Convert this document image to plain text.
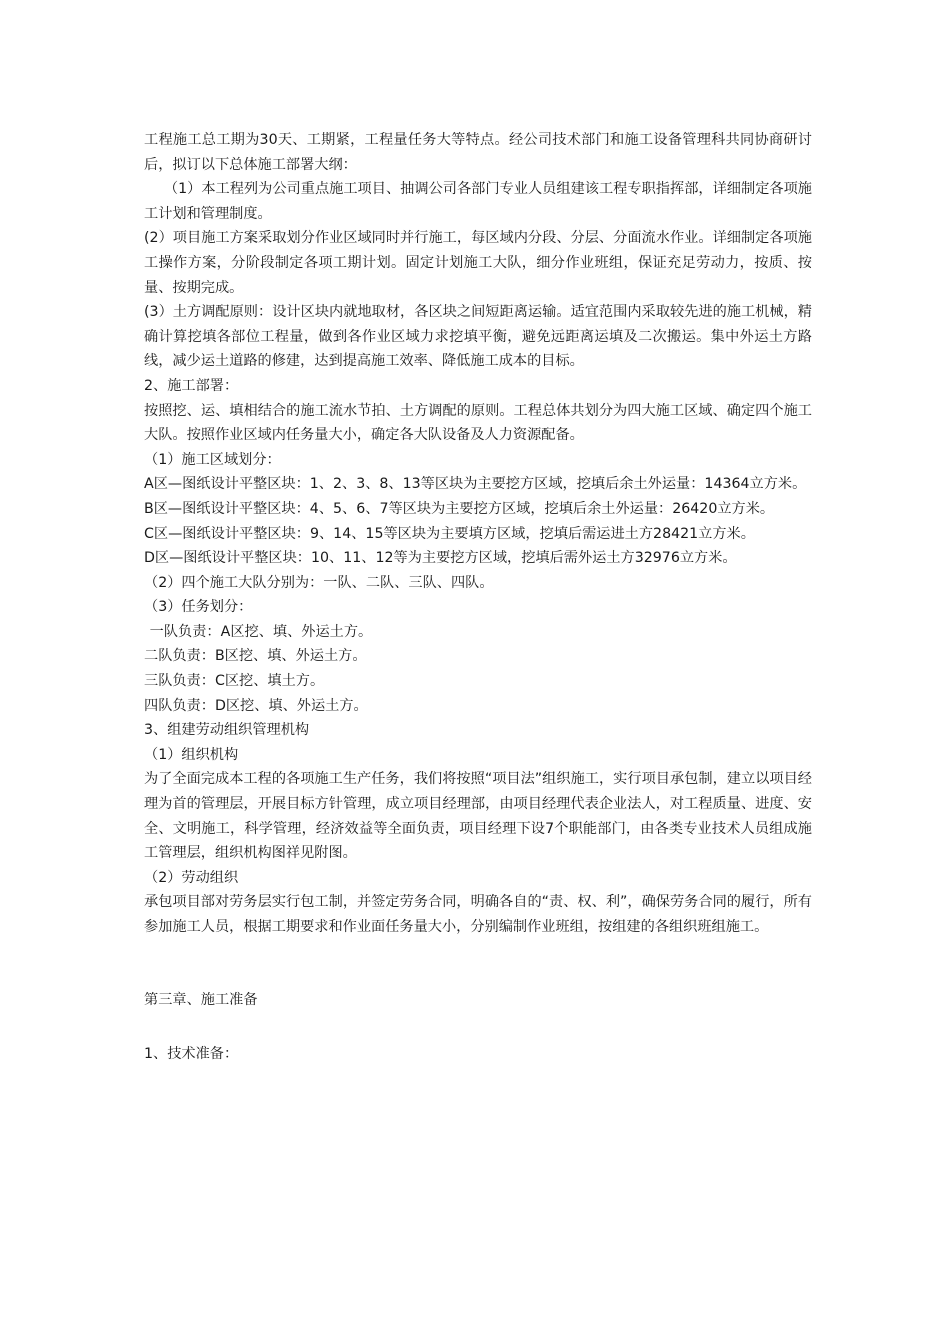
工程施工总工期为30天、工期紧，工程量任务大等特点。经公司技术部门和施工设备管理科共同协商研讨后，拟订以下总体施工部署大纲：

（1）本工程列为公司重点施工项目、抽调公司各部门专业人员组建该工程专职指挥部，详细制定各项施工计划和管理制度。

(2）项目施工方案采取划分作业区域同时并行施工，每区域内分段、分层、分面流水作业。详细制定各项施工操作方案，分阶段制定各项工期计划。固定计划施工大队，细分作业班组，保证充足劳动力，按质、按量、按期完成。

(3）土方调配原则：设计区块内就地取材，各区块之间短距离运输。适宜范围内采取较先进的施工机械，精确计算挖填各部位工程量，做到各作业区域力求挖填平衡，避免远距离运填及二次搬运。集中外运土方路线，减少运土道路的修建，达到提高施工效率、降低施工成本的目标。

2、施工部署：

按照挖、运、填相结合的施工流水节拍、土方调配的原则。工程总体共划分为四大施工区域、确定四个施工大队。按照作业区域内任务量大小，确定各大队设备及人力资源配备。

（1）施工区域划分：

A区—图纸设计平整区块：1、2、3、8、13等区块为主要挖方区域，挖填后余土外运量：14364立方米。

B区—图纸设计平整区块：4、5、6、7等区块为主要挖方区域，挖填后余土外运量：26420立方米。

C区—图纸设计平整区块：9、14、15等区块为主要填方区域，挖填后需运进土方28421立方米。

D区—图纸设计平整区块：10、11、12等为主要挖方区域，挖填后需外运土方32976立方米。

（2）四个施工大队分别为：一队、二队、三队、四队。

（3）任务划分：

一队负责：A区挖、填、外运土方。

二队负责：B区挖、填、外运土方。

三队负责：C区挖、填土方。

四队负责：D区挖、填、外运土方。

3、组建劳动组织管理机构

（1）组织机构

为了全面完成本工程的各项施工生产任务，我们将按照“项目法”组织施工，实行项目承包制，建立以项目经理为首的管理层，开展目标方针管理，成立项目经理部，由项目经理代表企业法人，对工程质量、进度、安全、文明施工，科学管理，经济效益等全面负责，项目经理下设7个职能部门，由各类专业技术人员组成施工管理层，组织机构图祥见附图。

（2）劳动组织

承包项目部对劳务层实行包工制，并签定劳务合同，明确各自的“责、权、利”，确保劳务合同的履行，所有参加施工人员，根据工期要求和作业面任务量大小，分别编制作业班组，按组建的各组织班组施工。

第三章、施工准备

1、技术准备：
